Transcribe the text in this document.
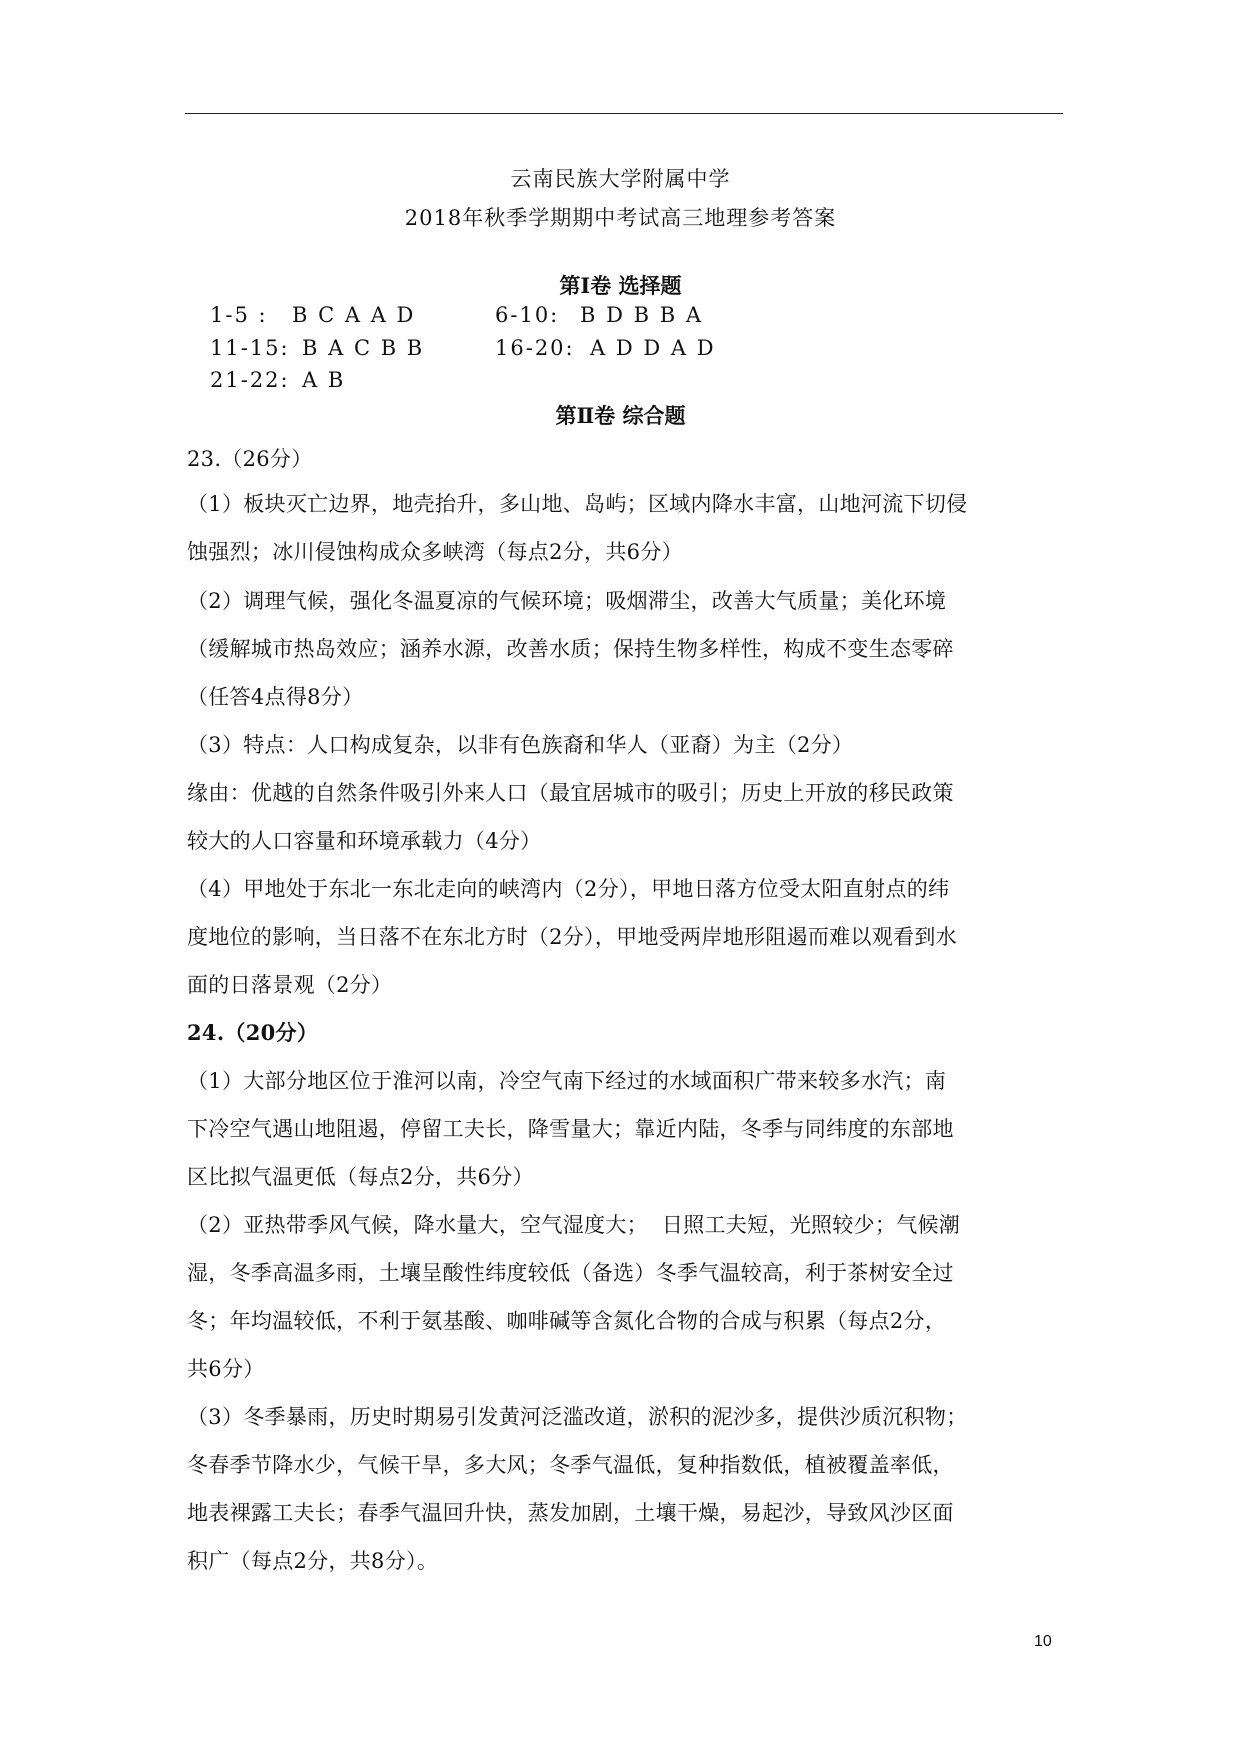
云南民族大学附属中学
2018年秋季学期期中考试高三地理参考答案
第Ⅰ卷 选择题
1-5 : B C A A D	6-10: B D B B A
11-15: B A C B B	16-20: A D D A D
21-22: A B
第Ⅱ卷 综合题
23.（26分）
（1）板块灭亡边界，地壳抬升，多山地、岛屿；区域内降水丰富，山地河流下切侵
蚀强烈；冰川侵蚀构成众多峡湾（每点2分，共6分）
（2）调理气候，强化冬温夏凉的气候环境；吸烟滞尘，改善大气质量；美化环境
（缓解城市热岛效应；涵养水源，改善水质；保持生物多样性，构成不变生态零碎
（任答4点得8分）
（3）特点：人口构成复杂，以非有色族裔和华人（亚裔）为主（2分）
缘由：优越的自然条件吸引外来人口（最宜居城市的吸引；历史上开放的移民政策
较大的人口容量和环境承载力（4分）
（4）甲地处于东北一东北走向的峡湾内（2分），甲地日落方位受太阳直射点的纬
度地位的影响，当日落不在东北方时（2分），甲地受两岸地形阻遏而难以观看到水
面的日落景观（2分）
24.（20分）
（1）大部分地区位于淮河以南，冷空气南下经过的水域面积广带来较多水汽；南
下冷空气遇山地阻遏，停留工夫长，降雪量大；靠近内陆，冬季与同纬度的东部地
区比拟气温更低（每点2分，共6分）
（2）亚热带季风气候，降水量大，空气湿度大；  日照工夫短，光照较少；气候潮
湿，冬季高温多雨，土壤呈酸性纬度较低（备选）冬季气温较高，利于茶树安全过
冬；年均温较低，不利于氨基酸、咖啡碱等含氮化合物的合成与积累（每点2分，
共6分）
（3）冬季暴雨，历史时期易引发黄河泛滥改道，淤积的泥沙多，提供沙质沉积物；
冬春季节降水少，气候干旱，多大风；冬季气温低，复种指数低，植被覆盖率低，
地表裸露工夫长；春季气温回升快，蒸发加剧，土壤干燥，易起沙，导致风沙区面
积广（每点2分，共8分）。
10
